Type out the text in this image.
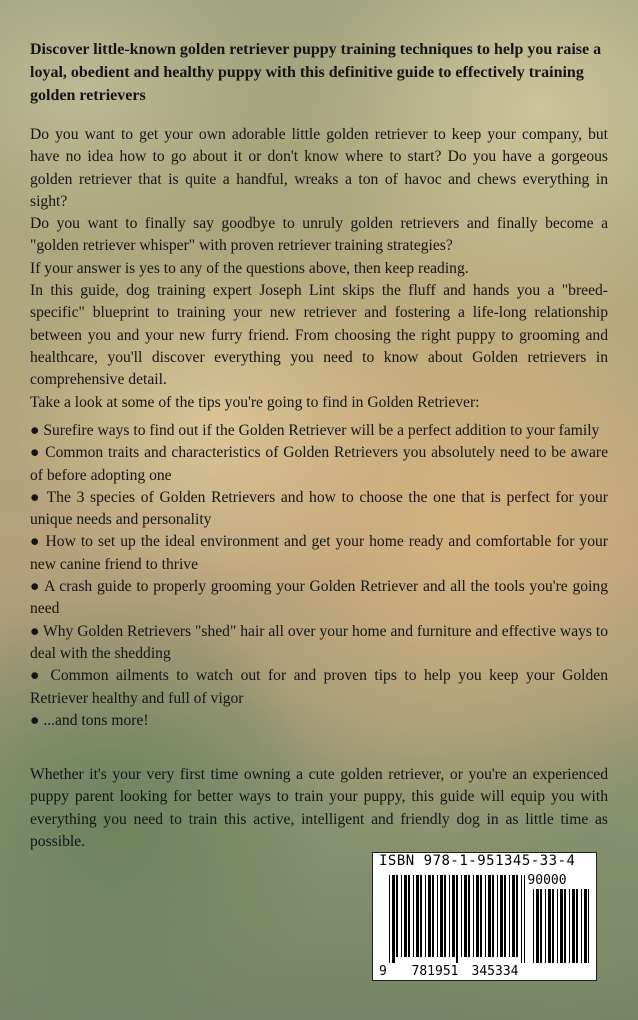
Discover little-known golden retriever puppy training techniques to help you raise a loyal, obedient and healthy puppy with this definitive guide to effectively training golden retrievers

Do you want to get your own adorable little golden retriever to keep your company, but have no idea how to go about it or don't know where to start? Do you have a gorgeous golden retriever that is quite a handful, wreaks a ton of havoc and chews everything in sight?

Do you want to finally say goodbye to unruly golden retrievers and finally become a "golden retriever whisper" with proven retriever training strategies?

If your answer is yes to any of the questions above, then keep reading.

In this guide, dog training expert Joseph Lint skips the fluff and hands you a "breed-specific" blueprint to training your new retriever and fostering a life-long relationship between you and your new furry friend. From choosing the right puppy to grooming and healthcare, you'll discover everything you need to know about Golden retrievers in comprehensive detail.

Take a look at some of the tips you're going to find in Golden Retriever:

● Surefire ways to find out if the Golden Retriever will be a perfect addition to your family

● Common traits and characteristics of Golden Retrievers you absolutely need to be aware of before adopting one

● The 3 species of Golden Retrievers and how to choose the one that is perfect for your unique needs and personality

● How to set up the ideal environment and get your home ready and comfortable for your new canine friend to thrive

● A crash guide to properly grooming your Golden Retriever and all the tools you're going need

● Why Golden Retrievers "shed" hair all over your home and furniture and effective ways to deal with the shedding

● Common ailments to watch out for and proven tips to help you keep your Golden Retriever healthy and full of vigor

● ...and tons more!

Whether it's your very first time owning a cute golden retriever, or you're an experienced puppy parent looking for better ways to train your puppy, this guide will equip you with everything you need to train this active, intelligent and friendly dog in as little time as possible.

ISBN 978-1-951345-33-4
90000
9 781951 345334
